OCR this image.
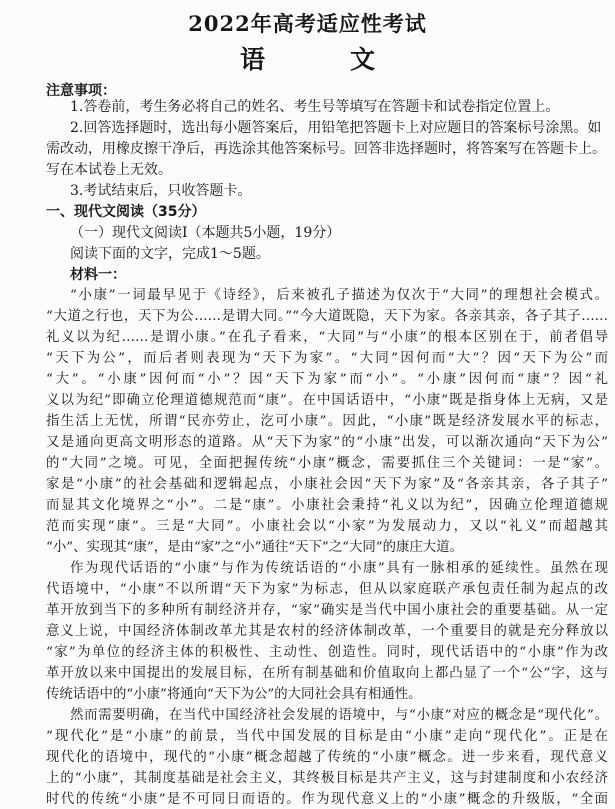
2022年高考适应性考试
语　文
注意事项：
1.答卷前，考生务必将自己的姓名、考生号等填写在答题卡和试卷指定位置上。
2.回答选择题时，选出每小题答案后，用铅笔把答题卡上对应题目的答案标号涂黑。如
需改动，用橡皮擦干净后，再选涂其他答案标号。回答非选择题时，将答案写在答题卡上。
写在本试卷上无效。
3.考试结束后，只收答题卡。
一、现代文阅读（35分）
（一）现代文阅读Ⅰ（本题共5小题，19分）
阅读下面的文字，完成1～5题。
材料一：
“小康”一词最早见于《诗经》，后来被孔子描述为仅次于“大同”的理想社会模式。
“大道之行也，天下为公……是谓大同。”“今大道既隐，天下为家。各亲其亲，各子其子……
礼义以为纪……是谓小康。”在孔子看来，“大同”与“小康”的根本区别在于，前者倡导
“天下为公”，而后者则表现为“天下为家”。“大同”因何而“大”？因“天下为公”而
“大”。“小康”因何而“小”？因“天下为家”而“小”。“小康”因何而“康”？因“礼
义以为纪”即确立伦理道德规范而“康”。在中国话语中，“小康”既是指身体上无病，又是
指生活上无忧，所谓“民亦劳止，汔可小康”。因此，“小康”既是经济发展水平的标志，
又是通向更高文明形态的道路。从“天下为家”的“小康”出发，可以渐次通向“天下为公”
的“大同”之境。可见，全面把握传统“小康”概念，需要抓住三个关键词：一是“家”。
家是“小康”的社会基础和逻辑起点，小康社会因“天下为家”及“各亲其亲，各子其子”
而显其文化境界之“小”。二是“康”。小康社会秉持“礼义以为纪”，因确立伦理道德规
范而实现“康”。三是“大同”。小康社会以“小家”为发展动力，又以“礼义”而超越其
“小”、实现其“康”，是由“家”之“小”通往“天下”之“大同”的康庄大道。
作为现代话语的“小康”与作为传统话语的“小康”具有一脉相承的延续性。虽然在现
代语境中，“小康”不以所谓“天下为家”为标志，但从以家庭联产承包责任制为起点的改
革开放到当下的多种所有制经济并存，“家”确实是当代中国小康社会的重要基础。从一定
意义上说，中国经济体制改革尤其是农村的经济体制改革，一个重要目的就是充分释放以
“家”为单位的经济主体的积极性、主动性、创造性。同时，现代话语中的“小康”作为改
革开放以来中国提出的发展目标，在所有制基础和价值取向上都凸显了一个“公”字，这与
传统话语中的“小康”将通向“天下为公”的大同社会具有相通性。
然而需要明确，在当代中国经济社会发展的语境中，与“小康”对应的概念是“现代化”。
“现代化”是“小康”的前景，当代中国发展的目标是由“小康”走向“现代化”。正是在
现代化的语境中，现代的“小康”概念超越了传统的“小康”概念。进一步来看，现代意义
上的“小康”，其制度基础是社会主义，其终极目标是共产主义，这与封建制度和小农经济
时代的传统“小康”是不可同日而语的。作为现代意义上的“小康”概念的升级版，“全面
